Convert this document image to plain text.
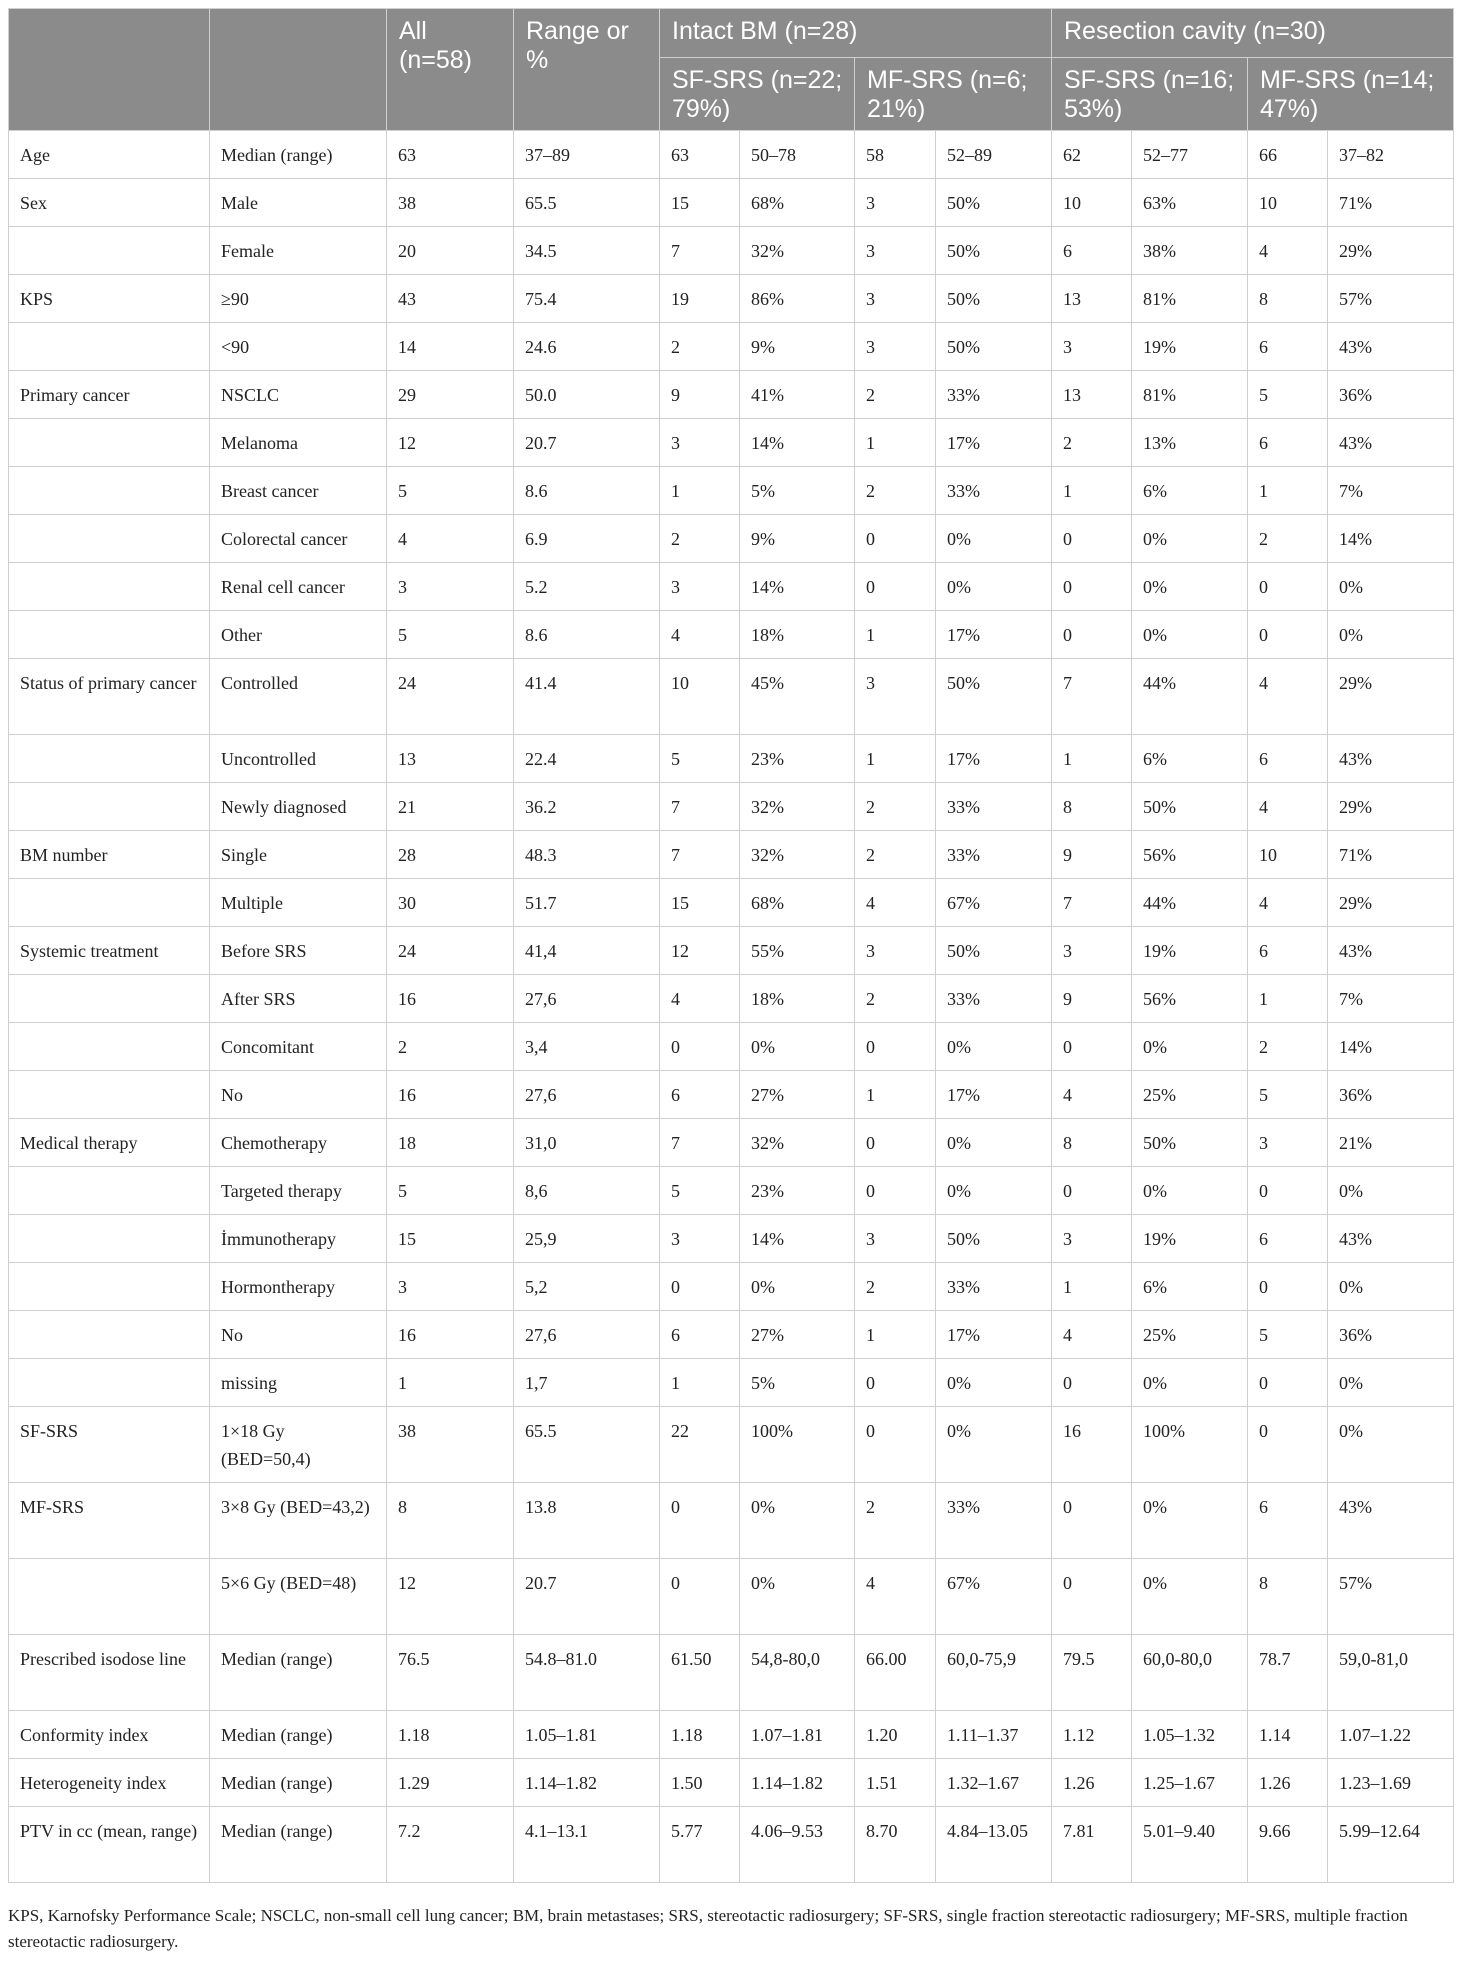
		All (n=58)	Range or %	Intact BM (n=28)				Resection cavity (n=30)			
				SF-SRS (n=22; 79%)		MF-SRS (n=6; 21%)		SF-SRS (n=16; 53%)		MF-SRS (n=14; 47%)	
Age	Median (range)	63	37–89	63	50–78	58	52–89	62	52–77	66	37–82
Sex	Male	38	65.5	15	68%	3	50%	10	63%	10	71%
	Female	20	34.5	7	32%	3	50%	6	38%	4	29%
KPS	≥90	43	75.4	19	86%	3	50%	13	81%	8	57%
	<90	14	24.6	2	9%	3	50%	3	19%	6	43%
Primary cancer	NSCLC	29	50.0	9	41%	2	33%	13	81%	5	36%
	Melanoma	12	20.7	3	14%	1	17%	2	13%	6	43%
	Breast cancer	5	8.6	1	5%	2	33%	1	6%	1	7%
	Colorectal cancer	4	6.9	2	9%	0	0%	0	0%	2	14%
	Renal cell cancer	3	5.2	3	14%	0	0%	0	0%	0	0%
	Other	5	8.6	4	18%	1	17%	0	0%	0	0%
Status of primary cancer	Controlled	24	41.4	10	45%	3	50%	7	44%	4	29%
	Uncontrolled	13	22.4	5	23%	1	17%	1	6%	6	43%
	Newly diagnosed	21	36.2	7	32%	2	33%	8	50%	4	29%
BM number	Single	28	48.3	7	32%	2	33%	9	56%	10	71%
	Multiple	30	51.7	15	68%	4	67%	7	44%	4	29%
Systemic treatment	Before SRS	24	41,4	12	55%	3	50%	3	19%	6	43%
	After SRS	16	27,6	4	18%	2	33%	9	56%	1	7%
	Concomitant	2	3,4	0	0%	0	0%	0	0%	2	14%
	No	16	27,6	6	27%	1	17%	4	25%	5	36%
Medical therapy	Chemotherapy	18	31,0	7	32%	0	0%	8	50%	3	21%
	Targeted therapy	5	8,6	5	23%	0	0%	0	0%	0	0%
	İmmunotherapy	15	25,9	3	14%	3	50%	3	19%	6	43%
	Hormontherapy	3	5,2	0	0%	2	33%	1	6%	0	0%
	No	16	27,6	6	27%	1	17%	4	25%	5	36%
	missing	1	1,7	1	5%	0	0%	0	0%	0	0%
SF-SRS	1×18 Gy (BED=50,4)	38	65.5	22	100%	0	0%	16	100%	0	0%
MF-SRS	3×8 Gy (BED=43,2)	8	13.8	0	0%	2	33%	0	0%	6	43%
	5×6 Gy (BED=48)	12	20.7	0	0%	4	67%	0	0%	8	57%
Prescribed isodose line	Median (range)	76.5	54.8–81.0	61.50	54,8-80,0	66.00	60,0-75,9	79.5	60,0-80,0	78.7	59,0-81,0
Conformity index	Median (range)	1.18	1.05–1.81	1.18	1.07–1.81	1.20	1.11–1.37	1.12	1.05–1.32	1.14	1.07–1.22
Heterogeneity index	Median (range)	1.29	1.14–1.82	1.50	1.14–1.82	1.51	1.32–1.67	1.26	1.25–1.67	1.26	1.23–1.69
PTV in cc (mean, range)	Median (range)	7.2	4.1–13.1	5.77	4.06–9.53	8.70	4.84–13.05	7.81	5.01–9.40	9.66	5.99–12.64
KPS, Karnofsky Performance Scale; NSCLC, non-small cell lung cancer; BM, brain metastases; SRS, stereotactic radiosurgery; SF-SRS, single fraction stereotactic radiosurgery; MF-SRS, multiple fraction stereotactic radiosurgery.
